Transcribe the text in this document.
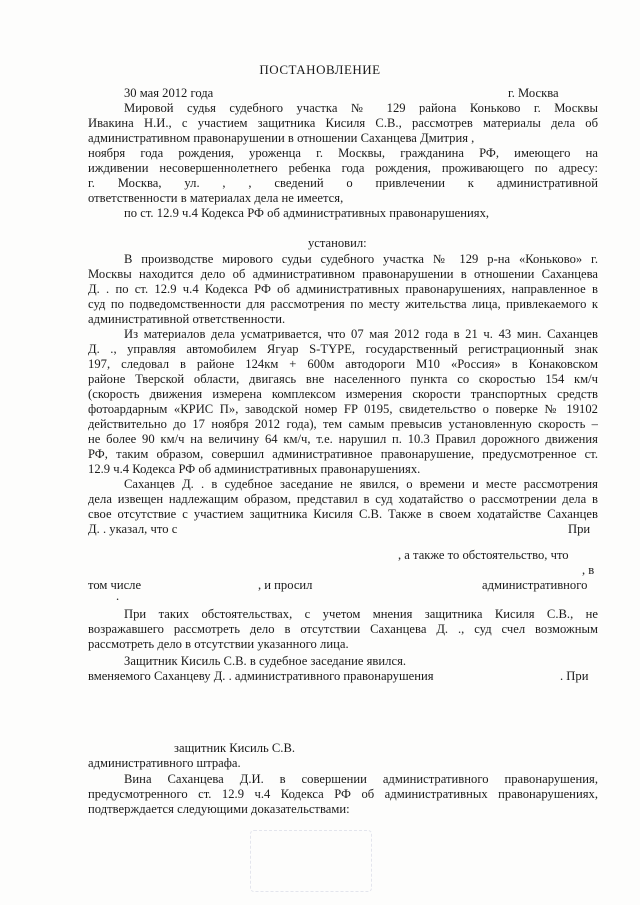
ПОСТАНОВЛЕНИЕ
30 мая 2012 года	г. Москва
Мировой судья судебного участка № 129 района Коньково г. Москвы
Ивакина Н.И., с участием защитника Кисиля С.В., рассмотрев материалы дела об
административном правонарушении в отношении Саханцева Дмитрия ,
ноября года рождения, уроженца г. Москвы, гражданина РФ, имеющего на
иждивении несовершеннолетнего ребенка года рождения, проживающего по адресу:
г. Москва, ул. , , сведений о привлечении к административной
ответственности в материалах дела не имеется,
по ст. 12.9 ч.4 Кодекса РФ об административных правонарушениях,
установил:
В производстве мирового судьи судебного участка № 129 р-на «Коньково» г.
Москвы находится дело об административном правонарушении в отношении Саханцева
Д. . по ст. 12.9 ч.4 Кодекса РФ об административных правонарушениях, направленное в
суд по подведомственности для рассмотрения по месту жительства лица, привлекаемого к
административной ответственности.
Из материалов дела усматривается, что 07 мая 2012 года в 21 ч. 43 мин. Саханцев
Д. ., управляя автомобилем Ягуар S-TYPE, государственный регистрационный знак
197, следовал в районе 124км + 600м автодороги М10 «Россия» в Конаковском
районе Тверской области, двигаясь вне населенного пункта со скоростью 154 км/ч
(скорость движения измерена комплексом измерения скорости транспортных средств
фотоардарным «КРИС П», заводской номер FP 0195, свидетельство о поверке № 19102
действительно до 17 ноября 2012 года), тем самым превысив установленную скорость –
не более 90 км/ч на величину 64 км/ч, т.е. нарушил п. 10.3 Правил дорожного движения
РФ, таким образом, совершил административное правонарушение, предусмотренное ст.
12.9 ч.4 Кодекса РФ об административных правонарушениях.
Саханцев Д. . в судебное заседание не явился, о времени и месте рассмотрения
дела извещен надлежащим образом, представил в суд ходатайство о рассмотрении дела в
свое отсутствие с участием защитника Кисиля С.В. Также в своем ходатайстве Саханцев
Д. . указал, что с	При
, а также то обстоятельство, что
, в
том числе	, и просил	административного
.
При таких обстоятельствах, с учетом мнения защитника Кисиля С.В., не
возражавшего рассмотреть дело в отсутствии Саханцева Д. ., суд счел возможным
рассмотреть дело в отсутствии указанного лица.
Защитник Кисиль С.В. в судебное заседание явился.
вменяемого Саханцеву Д. . административного правонарушения	. При
защитник Кисиль С.В.
административного штрафа.
Вина Саханцева Д.И. в совершении административного правонарушения,
предусмотренного ст. 12.9 ч.4 Кодекса РФ об административных правонарушениях,
подтверждается следующими доказательствами:
